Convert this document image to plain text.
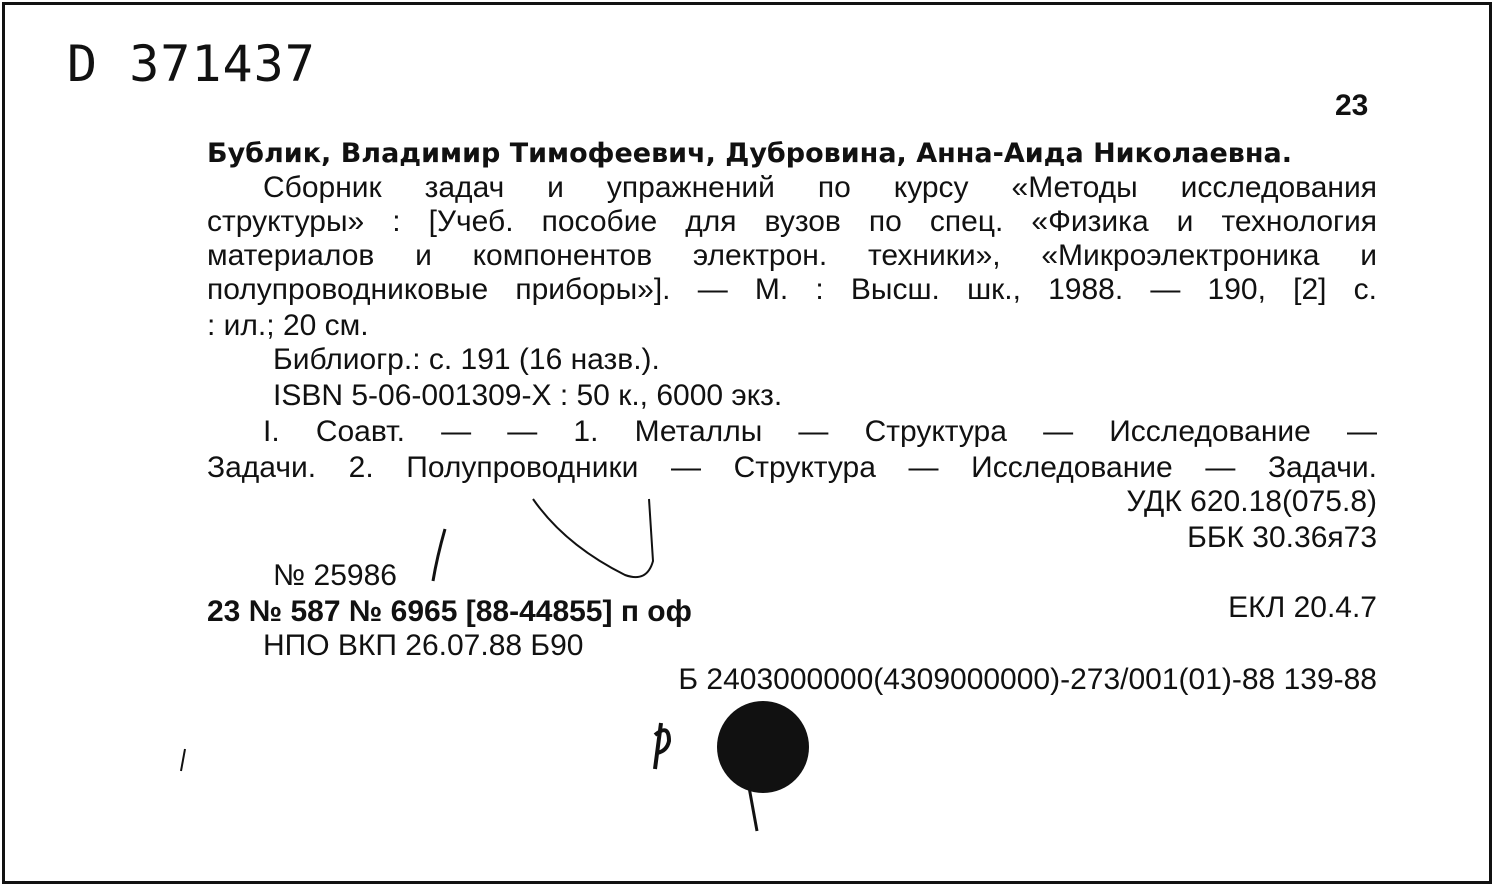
D 371437
23
Бублик, Владимир Тимофеевич, Дубровина, Анна-Аида Николаевна.
Сборник задач и упражнений по курсу «Методы исследования
структуры» : [Учеб. пособие для вузов по спец. «Физика и технология
материалов и компонентов электрон. техники», «Микроэлектроника и
полупроводниковые приборы»]. — М. : Высш. шк., 1988. — 190, [2] с.
: ил.; 20 см.
Библиогр.: с. 191 (16 назв.).
ISBN 5-06-001309-X : 50 к., 6000 экз.
I. Соавт. — — 1. Металлы — Структура — Исследование —
Задачи. 2. Полупроводники — Структура — Исследование — Задачи.
УДК 620.18(075.8)
ББК 30.36я73
№ 25986
23 № 587 № 6965 [88-44855] п оф	ЕКЛ 20.4.7
НПО ВКП 26.07.88 Б90
Б 2403000000(4309000000)-273/001(01)-88 139-88
